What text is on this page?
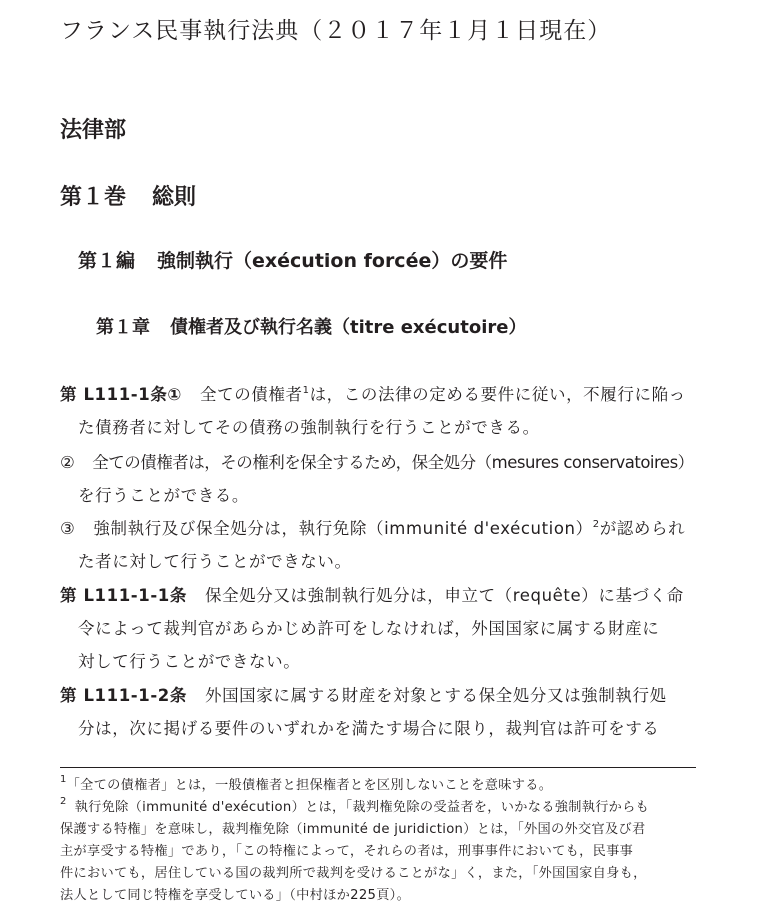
フランス民事執行法典（２０１７年１月１日現在）
法律部
第１巻 総則
第１編 強制執行（exécution forcée）の要件
第１章 債権者及び執行名義（titre exécutoire）
第 L111-1条① 全ての債権者$^1$は，この法律の定める要件に従い，不履行に陥っ
た債務者に対してその債務の強制執行を行うことができる。
② 全ての債権者は，その権利を保全するため，保全処分（mesures conservatoires）
を行うことができる。
③ 強制執行及び保全処分は，執行免除（immunité d'exécution）$^2$が認められ
た者に対して行うことができない。
第 L111-1-1条 保全処分又は強制執行処分は，申立て（requête）に基づく命
令によって裁判官があらかじめ許可をしなければ，外国国家に属する財産に
対して行うことができない。
第 L111-1-2条 外国国家に属する財産を対象とする保全処分又は強制執行処
分は，次に掲げる要件のいずれかを満たす場合に限り，裁判官は許可をする
$^1$「全ての債権者」とは，一般債権者と担保権者とを区別しないことを意味する。
$^2$ 執行免除（immunité d'exécution）とは，「裁判権免除の受益者を，いかなる強制執行からも
保護する特権」を意味し，裁判権免除（immunité de juridiction）とは，「外国の外交官及び君
主が享受する特権」であり，「この特権によって，それらの者は，刑事事件においても，民事事
件においても，居住している国の裁判所で裁判を受けることがな」く，また，「外国国家自身も，
法人として同じ特権を享受している」（中村ほか225頁）。
